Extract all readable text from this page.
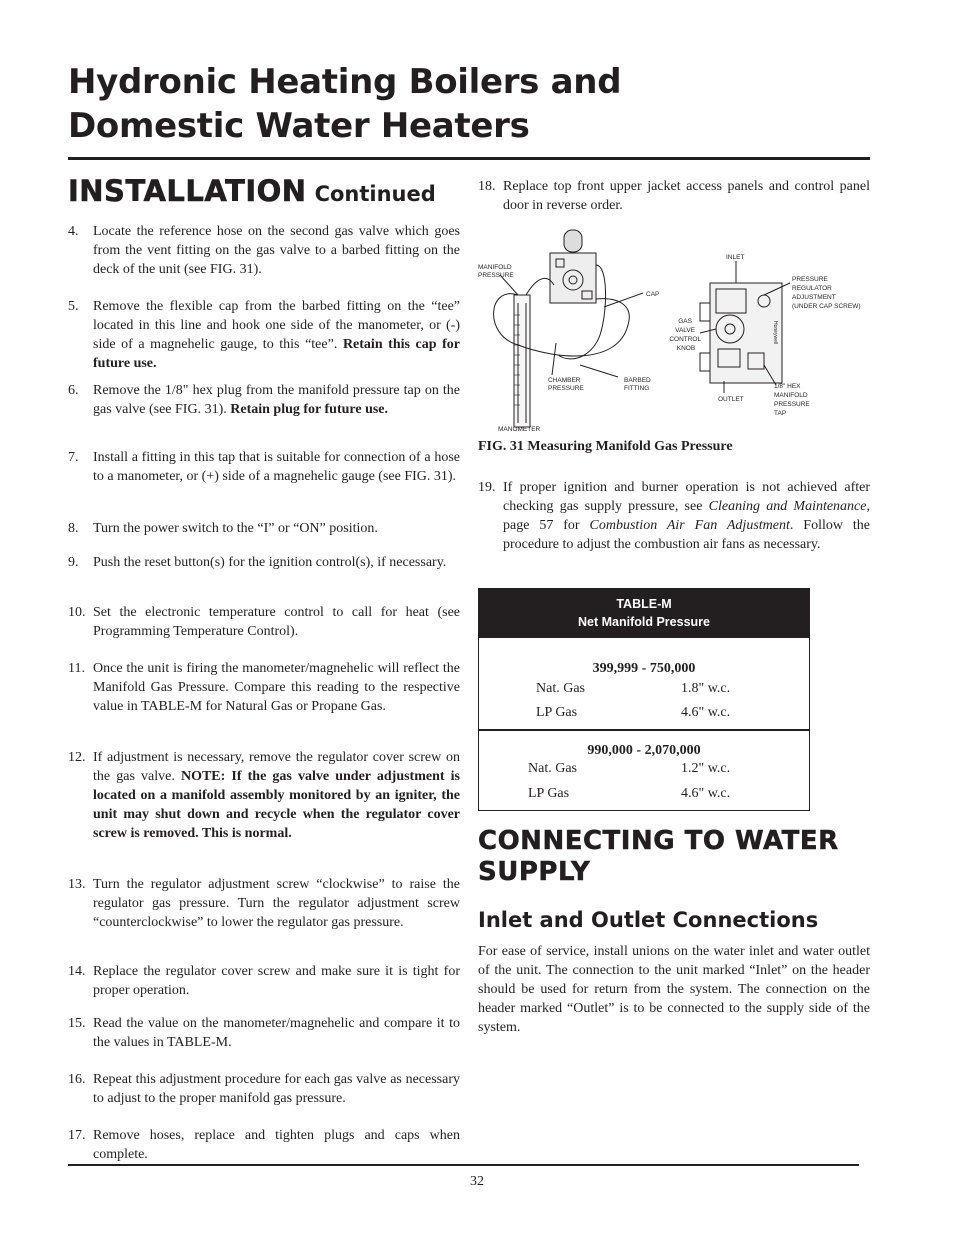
Hydronic Heating Boilers and
Domestic Water Heaters
INSTALLATION Continued
4. Locate the reference hose on the second gas valve which goes from the vent fitting on the gas valve to a barbed fitting on the deck of the unit (see FIG. 31).
5. Remove the flexible cap from the barbed fitting on the “tee” located in this line and hook one side of the manometer, or (-) side of a magnehelic gauge, to this “tee”. Retain this cap for future use.
6. Remove the 1/8" hex plug from the manifold pressure tap on the gas valve (see FIG. 31). Retain plug for future use.
7. Install a fitting in this tap that is suitable for connection of a hose to a manometer, or (+) side of a magnehelic gauge (see FIG. 31).
8. Turn the power switch to the “I” or “ON” position.
9. Push the reset button(s) for the ignition control(s), if necessary.
10. Set the electronic temperature control to call for heat (see Programming Temperature Control).
11. Once the unit is firing the manometer/magnehelic will reflect the Manifold Gas Pressure. Compare this reading to the respective value in TABLE-M for Natural Gas or Propane Gas.
12. If adjustment is necessary, remove the regulator cover screw on the gas valve. NOTE: If the gas valve under adjustment is located on a manifold assembly monitored by an igniter, the unit may shut down and recycle when the regulator cover screw is removed. This is normal.
13. Turn the regulator adjustment screw “clockwise” to raise the regulator gas pressure. Turn the regulator adjustment screw “counterclockwise” to lower the regulator gas pressure.
14. Replace the regulator cover screw and make sure it is tight for proper operation.
15. Read the value on the manometer/magnehelic and compare it to the values in TABLE-M.
16. Repeat this adjustment procedure for each gas valve as necessary to adjust to the proper manifold gas pressure.
17. Remove hoses, replace and tighten plugs and caps when complete.
18. Replace top front upper jacket access panels and control panel door in reverse order.
MANIFOLD PRESSURE
CAP
CHAMBER PRESSURE
BARBED FITTING
MANOMETER
INLET
PRESSURE REGULATOR ADJUSTMENT (UNDER CAP SCREW)
GAS VALVE CONTROL KNOB
OUTLET
1/8" HEX MANIFOLD PRESSURE TAP
Honeywell
FIG. 31 Measuring Manifold Gas Pressure
19. If proper ignition and burner operation is not achieved after checking gas supply pressure, see Cleaning and Maintenance, page 57 for Combustion Air Fan Adjustment. Follow the procedure to adjust the combustion air fans as necessary.
TABLE-M
Net Manifold Pressure
399,999 - 750,000
Nat. Gas	1.8" w.c.
LP Gas	4.6" w.c.
990,000 - 2,070,000
Nat. Gas	1.2" w.c.
LP Gas	4.6" w.c.
CONNECTING TO WATER
SUPPLY
Inlet and Outlet Connections

For ease of service, install unions on the water inlet and water outlet of the unit. The connection to the unit marked “Inlet” on the header should be used for return from the system. The connection on the header marked “Outlet” is to be connected to the supply side of the system.

32
